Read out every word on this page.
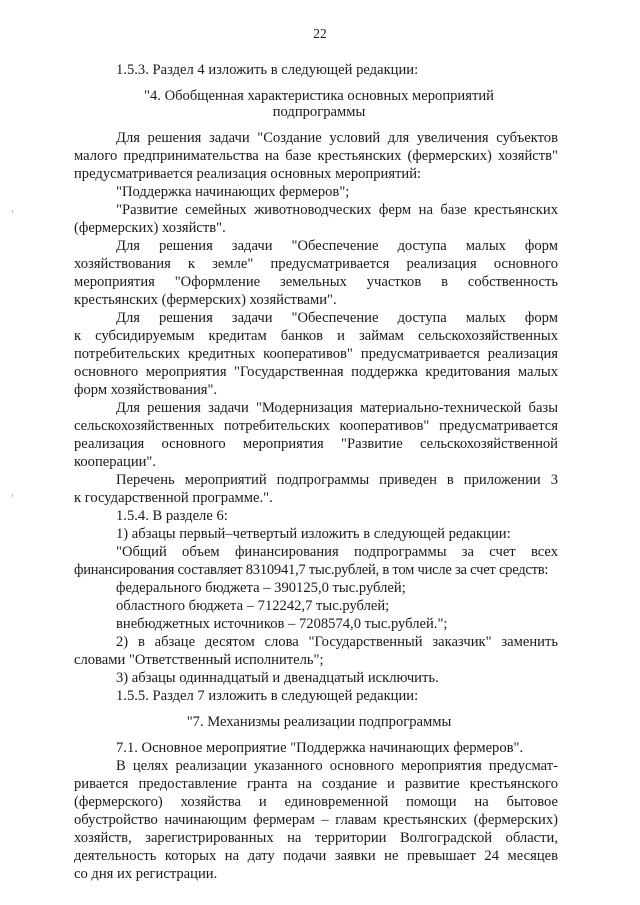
22
1.5.3. Раздел 4 изложить в следующей редакции:
"4. Обобщенная характеристика основных мероприятий
подпрограммы
Для решения задачи "Создание условий для увеличения субъектов
малого предпринимательства на базе крестьянских (фермерских) хозяйств"
предусматривается реализация основных мероприятий:
"Поддержка начинающих фермеров";
"Развитие семейных животноводческих ферм на базе крестьянских
(фермерских) хозяйств".
Для решения задачи "Обеспечение доступа малых форм
хозяйствования к земле" предусматривается реализация основного
мероприятия "Оформление земельных участков в собственность
крестьянских (фермерских) хозяйствами".
Для решения задачи "Обеспечение доступа малых форм
к субсидируемым кредитам банков и займам сельскохозяйственных
потребительских кредитных кооперативов" предусматривается реализация
основного мероприятия "Государственная поддержка кредитования малых
форм хозяйствования".
Для решения задачи "Модернизация материально-технической базы
сельскохозяйственных потребительских кооперативов" предусматривается
реализация основного мероприятия "Развитие сельскохозяйственной
кооперации".
Перечень мероприятий подпрограммы приведен в приложении 3
к государственной программе.".
1.5.4. В разделе 6:
1) абзацы первый–четвертый изложить в следующей редакции:
"Общий объем финансирования подпрограммы за счет всех
финансирования составляет 8310941,7 тыс.рублей, в том числе за счет средств:
федерального бюджета – 390125,0 тыс.рублей;
областного бюджета – 712242,7 тыс.рублей;
внебюджетных источников – 7208574,0 тыс.рублей.";
2) в абзаце десятом слова "Государственный заказчик" заменить
словами "Ответственный исполнитель";
3) абзацы одиннадцатый и двенадцатый исключить.
1.5.5. Раздел 7 изложить в следующей редакции:
"7. Механизмы реализации подпрограммы
7.1. Основное мероприятие "Поддержка начинающих фермеров".
В целях реализации указанного основного мероприятия предусмат-
ривается предоставление гранта на создание и развитие крестьянского
(фермерского) хозяйства и единовременной помощи на бытовое
обустройство начинающим фермерам – главам крестьянских (фермерских)
хозяйств, зарегистрированных на территории Волгоградской области,
деятельность которых на дату подачи заявки не превышает 24 месяцев
со дня их регистрации.
